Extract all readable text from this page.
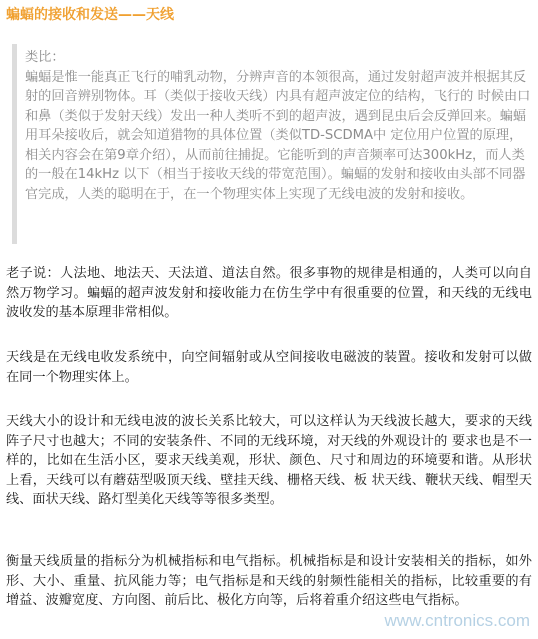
蝙蝠的接收和发送——天线

类比：

蝙蝠是惟一能真正飞行的哺乳动物，分辨声音的本领很高，通过发射超声波并根据其反射的回音辨别物体。耳（类似于接收天线）内具有超声波定位的结构，飞行的 时候由口和鼻（类似于发射天线）发出一种人类听不到的超声波，遇到昆虫后会反弹回来。蝙蝠用耳朵接收后，就会知道猎物的具体位置（类似TD-SCDMA中 定位用户位置的原理，相关内容会在第9章介绍），从而前往捕捉。它能听到的声音频率可达300kHz，而人类的一般在14kHz 以下（相当于接收天线的带宽范围）。蝙蝠的发射和接收由头部不同器官完成，人类的聪明在于，在一个物理实体上实现了无线电波的发射和接收。

老子说：人法地、地法天、天法道、道法自然。很多事物的规律是相通的，人类可以向自然万物学习。蝙蝠的超声波发射和接收能力在仿生学中有很重要的位置，和天线的无线电波收发的基本原理非常相似。
天线是在无线电收发系统中，向空间辐射或从空间接收电磁波的装置。接收和发射可以做在同一个物理实体上。
天线大小的设计和无线电波的波长关系比较大，可以这样认为天线波长越大，要求的天线阵子尺寸也越大；不同的安装条件、不同的无线环境，对天线的外观设计的 要求也是不一样的，比如在生活小区，要求天线美观，形状、颜色、尺寸和周边的环境要和谐。从形状上看，天线可以有蘑菇型吸顶天线、壁挂天线、栅格天线、板 状天线、鞭状天线、帽型天线、面状天线、路灯型美化天线等等很多类型。
衡量天线质量的指标分为机械指标和电气指标。机械指标是和设计安装相关的指标，如外形、大小、重量、抗风能力等；电气指标是和天线的射频性能相关的指标，比较重要的有增益、波瓣宽度、方向图、前后比、极化方向等，后将着重介绍这些电气指标。
www.cntronics.com
